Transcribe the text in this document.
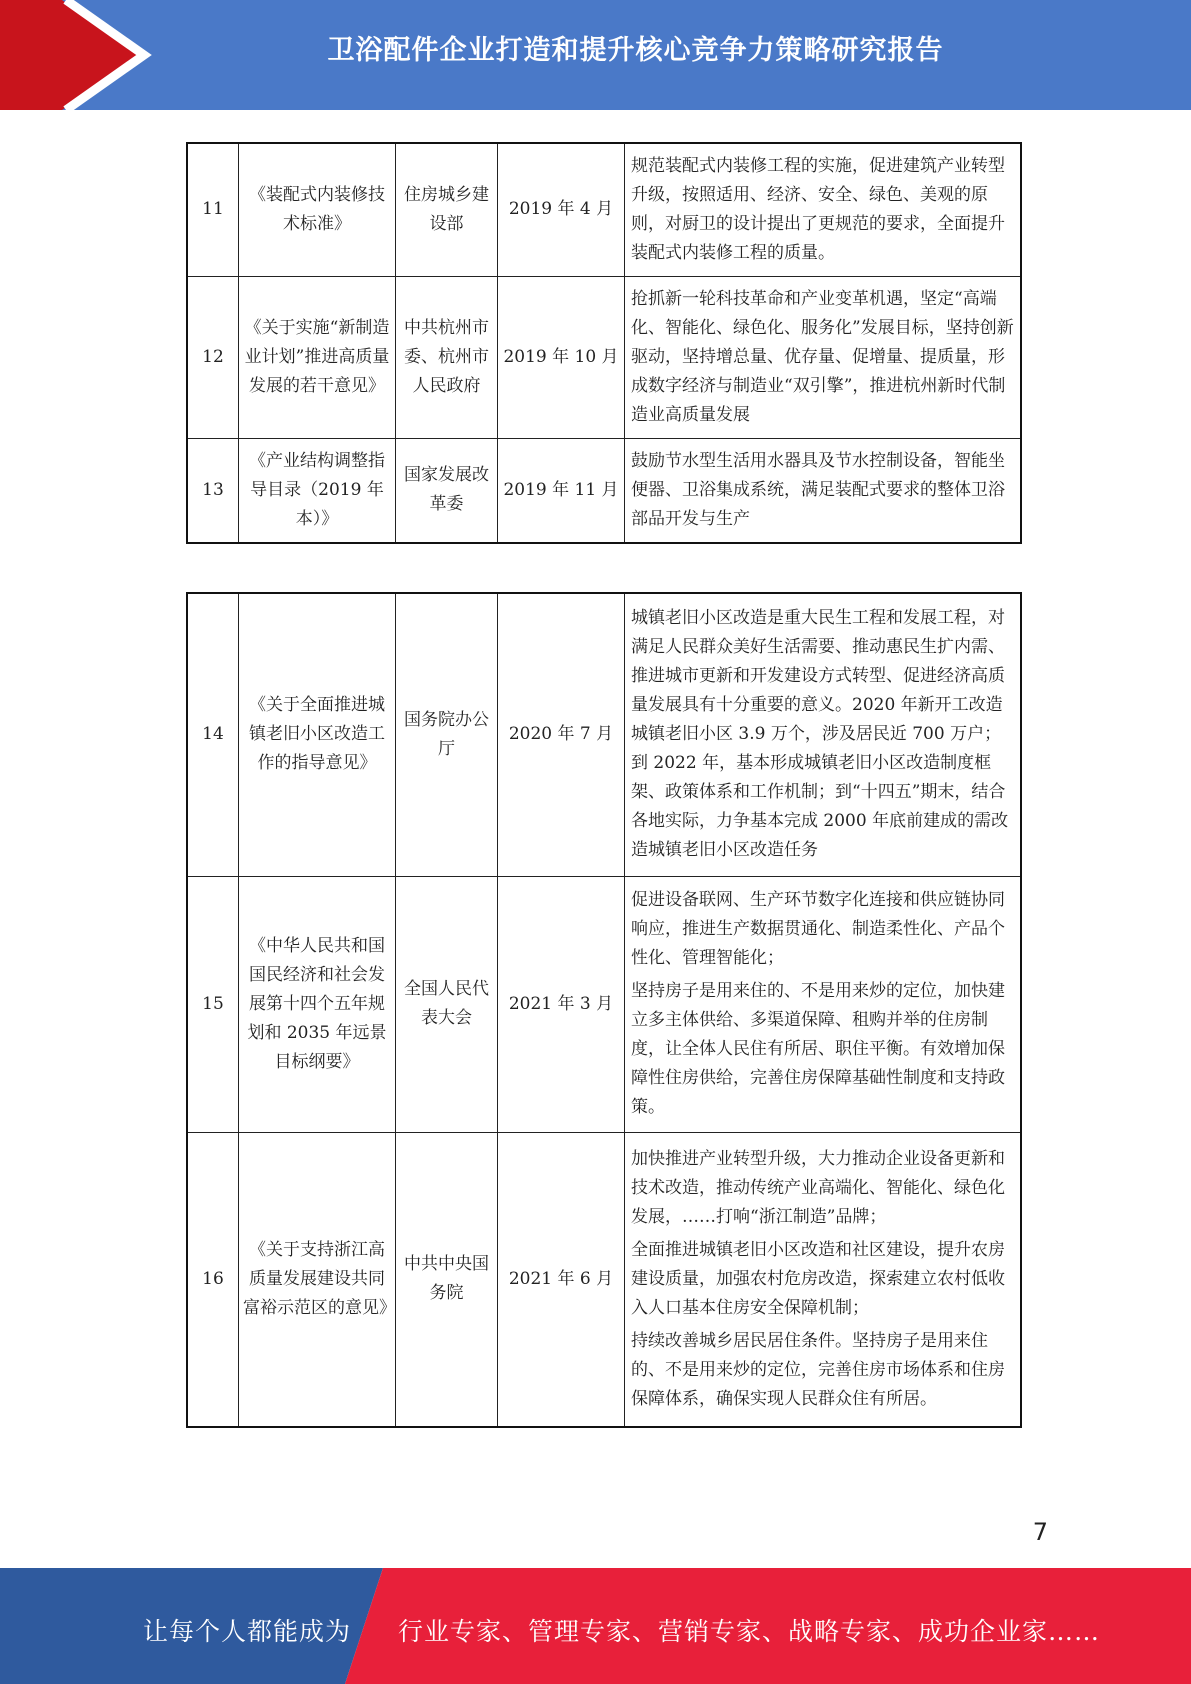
卫浴配件企业打造和提升核心竞争力策略研究报告
11	《装配式内装修技术标准》	住房城乡建设部	2019 年 4 月	规范装配式内装修工程的实施，促进建筑产业转型升级，按照适用、经济、安全、绿色、美观的原则，对厨卫的设计提出了更规范的要求，全面提升装配式内装修工程的质量。

12	《关于实施“新制造业计划”推进高质量发展的若干意见》	中共杭州市委、杭州市人民政府	2019 年 10 月	抢抓新一轮科技革命和产业变革机遇，坚定“高端化、智能化、绿色化、服务化”发展目标，坚持创新驱动，坚持增总量、优存量、促增量、提质量，形成数字经济与制造业“双引擎”，推进杭州新时代制造业高质量发展

13	《产业结构调整指导目录（2019 年本）》	国家发展改革委	2019 年 11 月	鼓励节水型生活用水器具及节水控制设备，智能坐便器、卫浴集成系统，满足装配式要求的整体卫浴部品开发与生产
14	《关于全面推进城镇老旧小区改造工作的指导意见》	国务院办公厅	2020 年 7 月	城镇老旧小区改造是重大民生工程和发展工程，对满足人民群众美好生活需要、推动惠民生扩内需、推进城市更新和开发建设方式转型、促进经济高质量发展具有十分重要的意义。2020 年新开工改造城镇老旧小区 3.9 万个，涉及居民近 700 万户；到 2022 年，基本形成城镇老旧小区改造制度框架、政策体系和工作机制；到“十四五”期末，结合各地实际，力争基本完成 2000 年底前建成的需改造城镇老旧小区改造任务

15	《中华人民共和国国民经济和社会发展第十四个五年规划和 2035 年远景目标纲要》	全国人民代表大会	2021 年 3 月	促进设备联网、生产环节数字化连接和供应链协同响应，推进生产数据贯通化、制造柔性化、产品个性化、管理智能化；
坚持房子是用来住的、不是用来炒的定位，加快建立多主体供给、多渠道保障、租购并举的住房制度，让全体人民住有所居、职住平衡。有效增加保障性住房供给，完善住房保障基础性制度和支持政策。

16	《关于支持浙江高质量发展建设共同富裕示范区的意见》	中共中央国务院	2021 年 6 月	加快推进产业转型升级，大力推动企业设备更新和技术改造，推动传统产业高端化、智能化、绿色化发展，……打响“浙江制造”品牌；
全面推进城镇老旧小区改造和社区建设，提升农房建设质量，加强农村危房改造，探索建立农村低收入人口基本住房安全保障机制；
持续改善城乡居民居住条件。坚持房子是用来住的、不是用来炒的定位，完善住房市场体系和住房保障体系，确保实现人民群众住有所居。
7
让每个人都能成为 行业专家、管理专家、营销专家、战略专家、成功企业家……
